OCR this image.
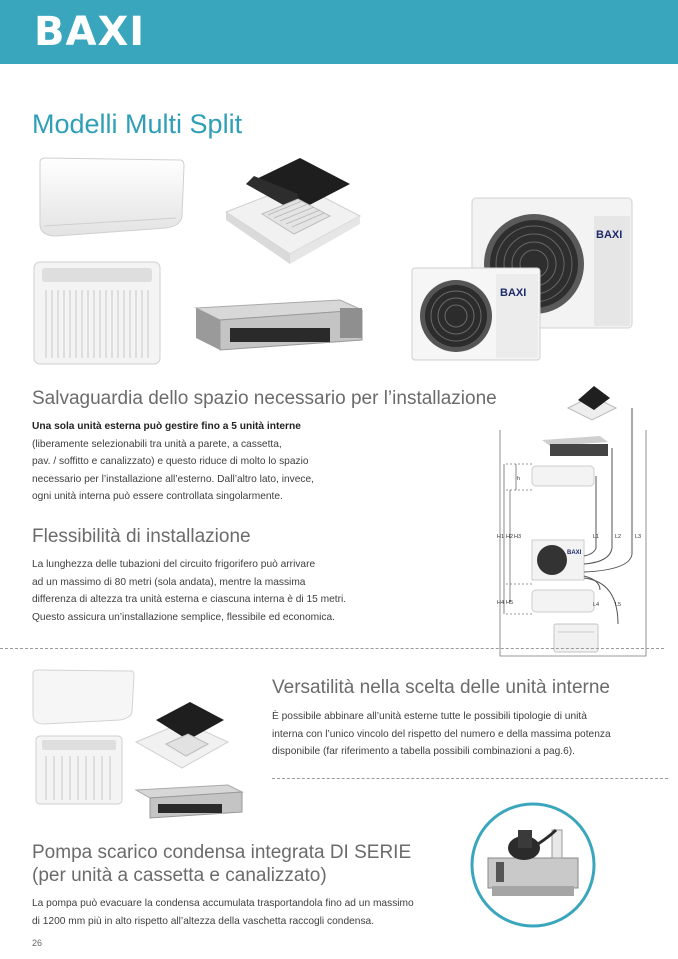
BAXI
Modelli Multi Split
BAXI
BAXI
Salvaguardia dello spazio necessario per l’installazione
Una sola unità esterna può gestire fino a 5 unità interne
(liberamente selezionabili tra unità a parete, a cassetta,
pav. / soffitto e canalizzato) e questo riduce di molto lo spazio
necessario per l’installazione all’esterno. Dall’altro lato, invece,
ogni unità interna può essere controllata singolarmente.
Flessibilità di installazione
La lunghezza delle tubazioni del circuito frigorifero può arrivare
ad un massimo di 80 metri (sola andata), mentre la massima
differenza di altezza tra unità esterna e ciascuna interna è di 15 metri.
Questo assicura un’installazione semplice, flessibile ed economica.
BAXI
h
H1 H2 H3
H4 H5
L1	L2	L3
L4	L5
Versatilità nella scelta delle unità interne
È possibile abbinare all’unità esterne tutte le possibili tipologie di unità
interna con l’unico vincolo del rispetto del numero e della massima potenza
disponibile (far riferimento a tabella possibili combinazioni a pag.6).
Pompa scarico condensa integrata DI SERIE
(per unità a cassetta e canalizzato)
La pompa può evacuare la condensa accumulata trasportandola fino ad un massimo
di 1200 mm più in alto rispetto all’altezza della vaschetta raccogli condensa.
26
